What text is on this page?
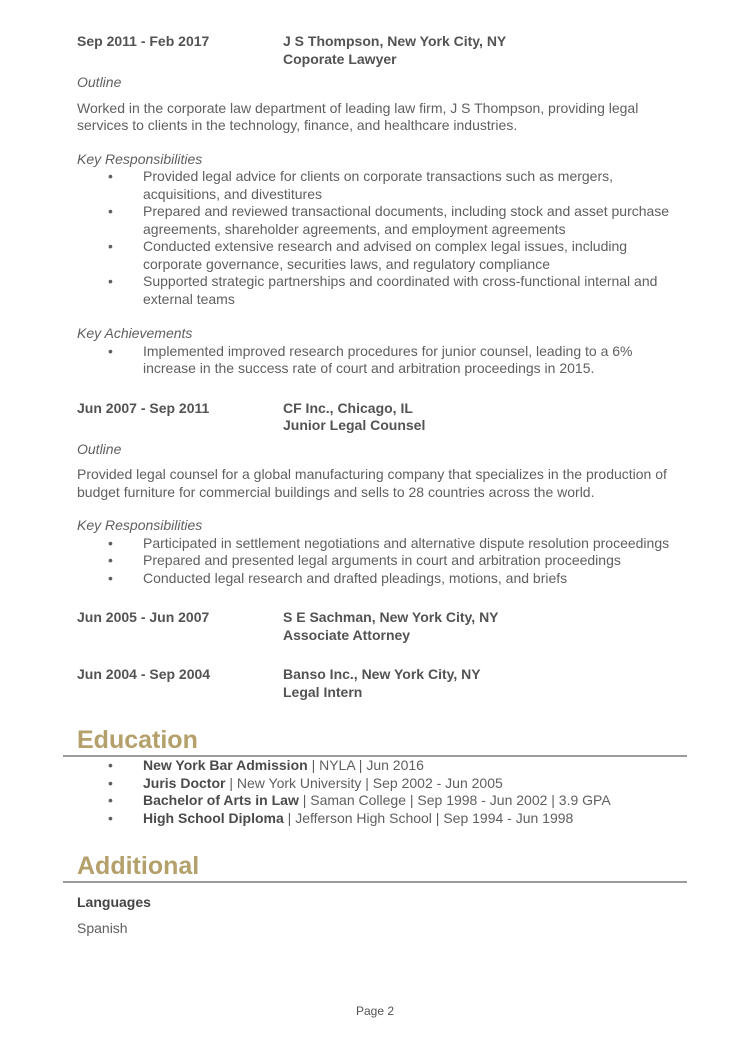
Sep 2011 - Feb 2017	J S Thompson, New York City, NY
Coporate Lawyer
Outline

Worked in the corporate law department of leading law firm, J S Thompson, providing legal services to clients in the technology, finance, and healthcare industries.

Key Responsibilities
• Provided legal advice for clients on corporate transactions such as mergers, acquisitions, and divestitures
• Prepared and reviewed transactional documents, including stock and asset purchase agreements, shareholder agreements, and employment agreements
• Conducted extensive research and advised on complex legal issues, including corporate governance, securities laws, and regulatory compliance
• Supported strategic partnerships and coordinated with cross-functional internal and external teams
Key Achievements
• Implemented improved research procedures for junior counsel, leading to a 6% increase in the success rate of court and arbitration proceedings in 2015.
Jun 2007 - Sep 2011	CF Inc., Chicago, IL
Junior Legal Counsel
Outline

Provided legal counsel for a global manufacturing company that specializes in the production of budget furniture for commercial buildings and sells to 28 countries across the world.

Key Responsibilities
• Participated in settlement negotiations and alternative dispute resolution proceedings
• Prepared and presented legal arguments in court and arbitration proceedings
• Conducted legal research and drafted pleadings, motions, and briefs
Jun 2005 - Jun 2007	S E Sachman, New York City, NY
Associate Attorney
Jun 2004 - Sep 2004	Banso Inc., New York City, NY
Legal Intern
Education
• New York Bar Admission | NYLA | Jun 2016
• Juris Doctor | New York University | Sep 2002 - Jun 2005
• Bachelor of Arts in Law | Saman College | Sep 1998 - Jun 2002 | 3.9 GPA
• High School Diploma | Jefferson High School | Sep 1994 - Jun 1998
Additional
Languages
Spanish
Page 2
